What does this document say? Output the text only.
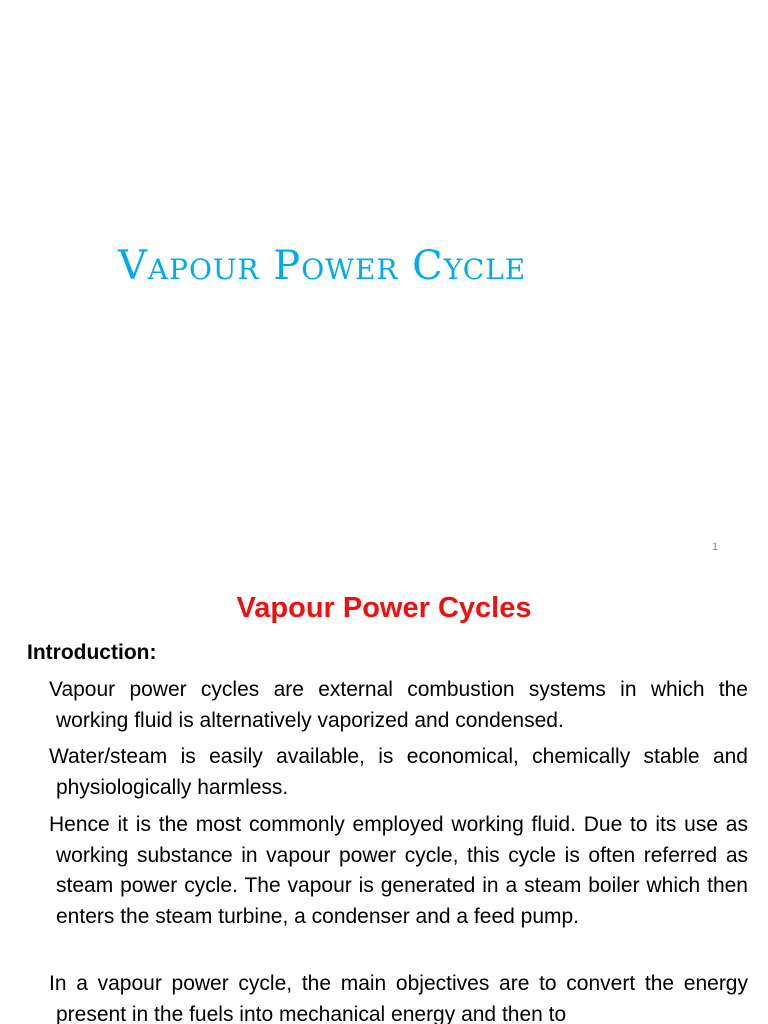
Vapour Power Cycle
1
Vapour Power Cycles
Introduction:

Vapour power cycles are external combustion systems in which the working fluid is alternatively vaporized and condensed.

Water/steam is easily available, is economical, chemically stable and physiologically harmless.

Hence it is the most commonly employed working fluid. Due to its use as working substance in vapour power cycle, this cycle is often referred as steam power cycle. The vapour is generated in a steam boiler which then enters the steam turbine, a condenser and a feed pump.

In a vapour power cycle, the main objectives are to convert the energy present in the fuels into mechanical energy and then to
